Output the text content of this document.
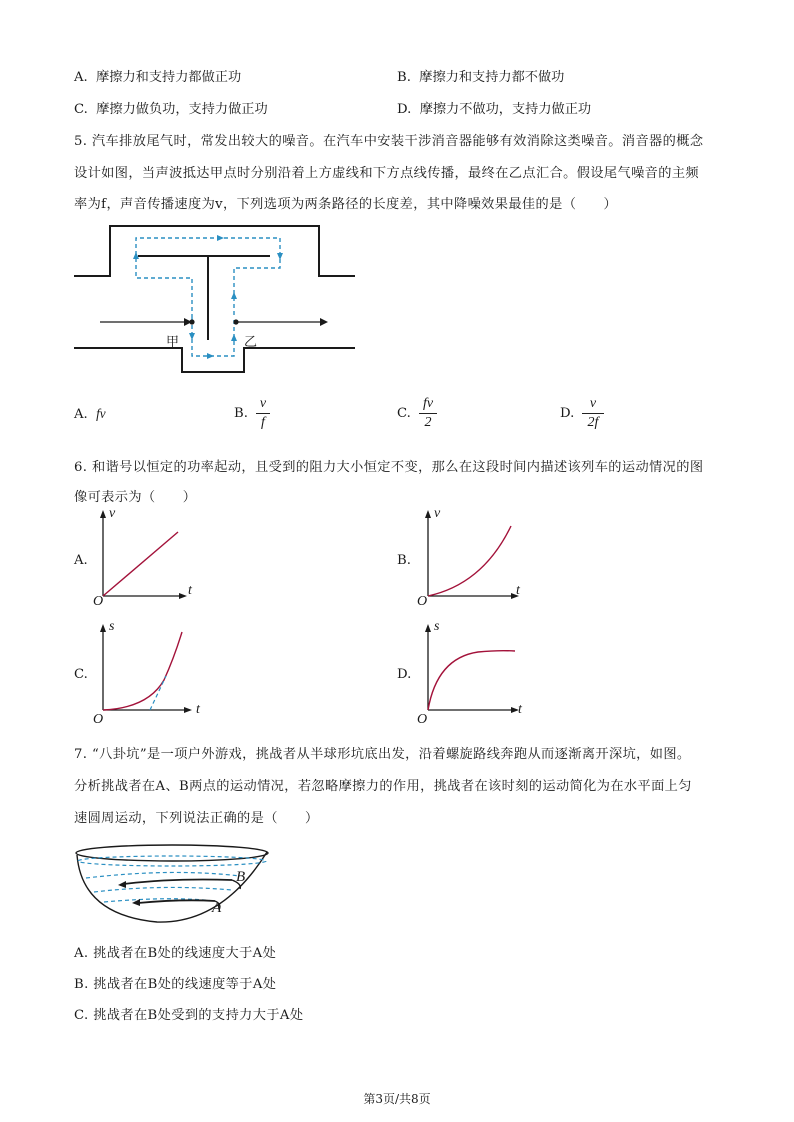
A. 摩擦力和支持力都做正功	B. 摩擦力和支持力都不做功
C. 摩擦力做负功，支持力做正功	D. 摩擦力不做功，支持力做正功
5. 汽车排放尾气时，常发出较大的噪音。在汽车中安装干涉消音器能够有效消除这类噪音。消音器的概念
设计如图，当声波抵达甲点时分别沿着上方虚线和下方点线传播，最终在乙点汇合。假设尾气噪音的主频
率为f，声音传播速度为v，下列选项为两条路径的长度差，其中降噪效果最佳的是（　　）
甲	乙
A. fv	B.
v
f
C.
fv
2
D.
v
2f
6. 和谐号以恒定的功率起动，且受到的阻力大小恒定不变，那么在这段时间内描述该列车的运动情况的图
像可表示为（　　）
A.
v
t
O
B.
v
t
O
C.
s
t
O
D.
s
t
O
7. “八卦坑”是一项户外游戏，挑战者从半球形坑底出发，沿着螺旋路线奔跑从而逐渐离开深坑，如图。
分析挑战者在A、B两点的运动情况，若忽略摩擦力的作用，挑战者在该时刻的运动简化为在水平面上匀
速圆周运动，下列说法正确的是（　　）
B
A
A. 挑战者在B处的线速度大于A处
B. 挑战者在B处的线速度等于A处
C. 挑战者在B处受到的支持力大于A处
第3页/共8页
